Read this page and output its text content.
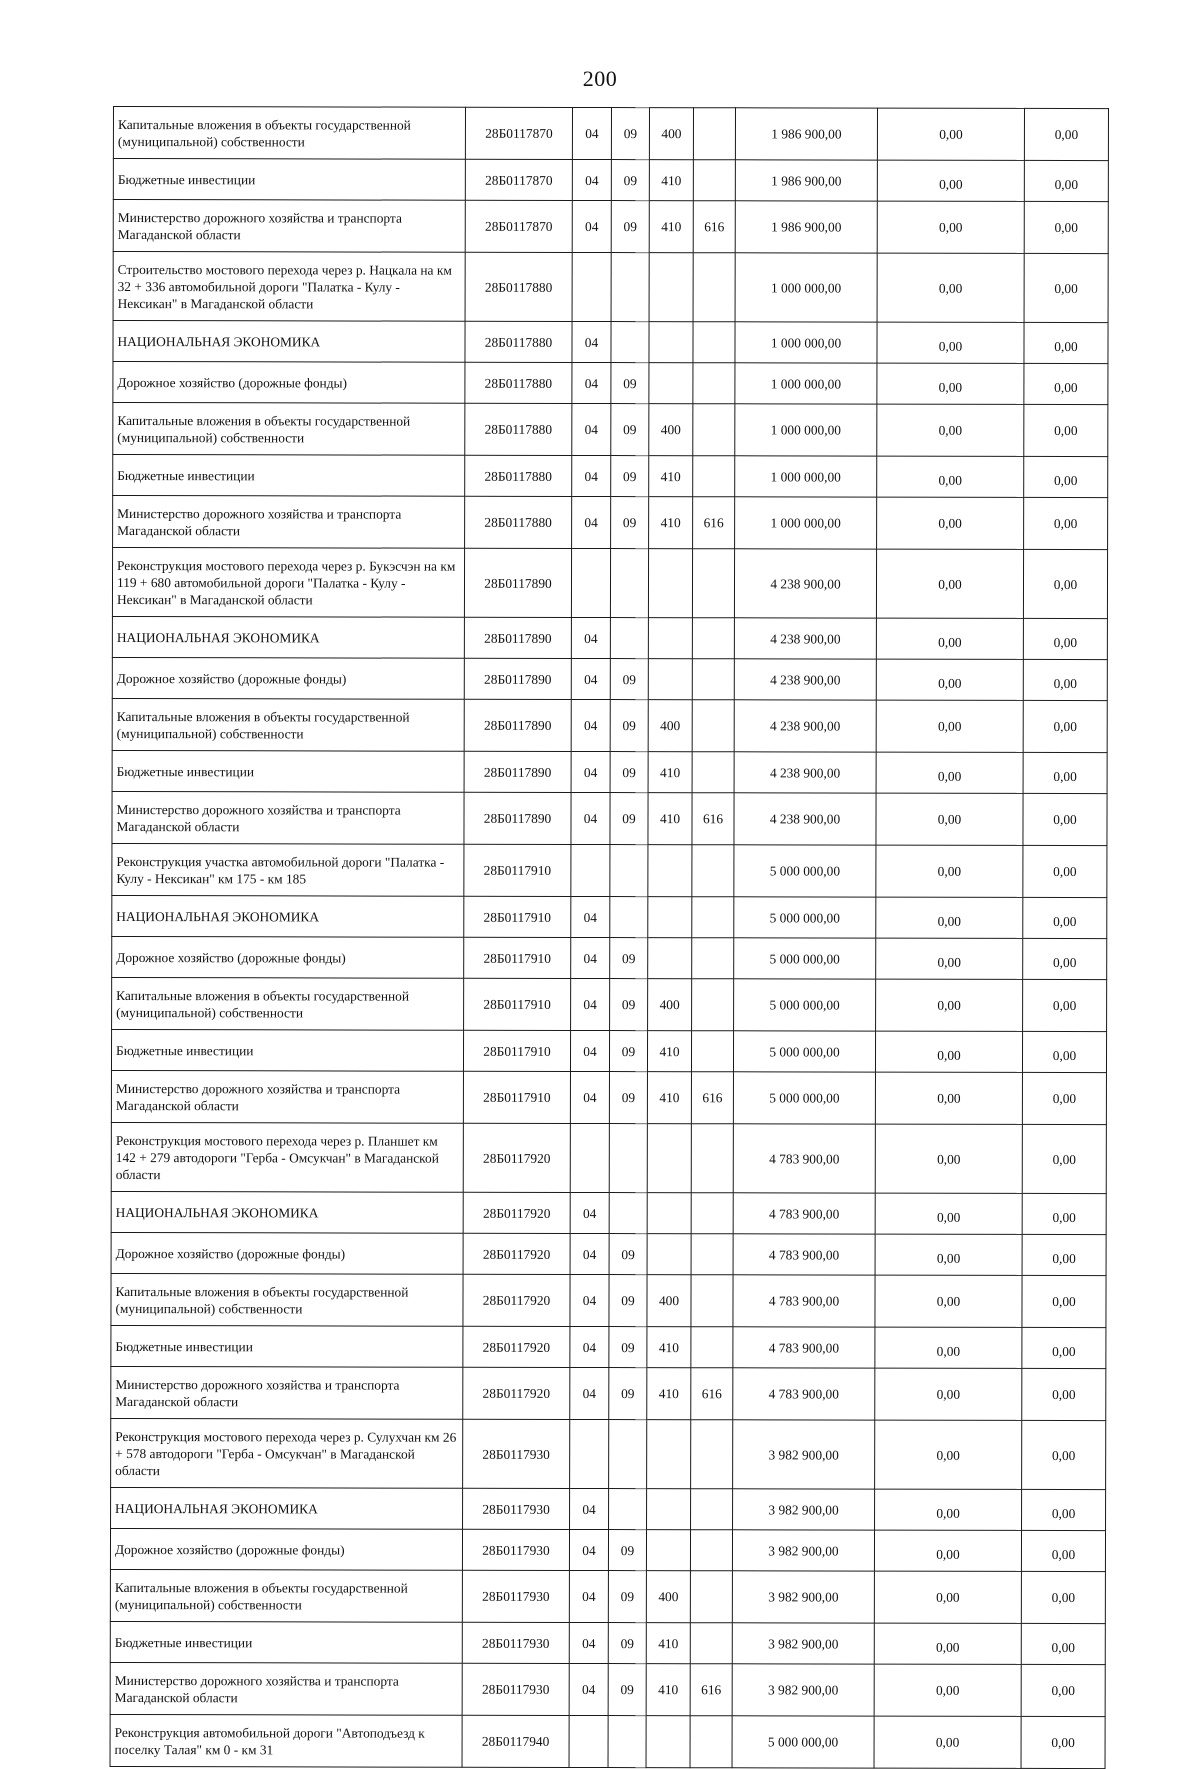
200
Капитальные вложения в объекты государственной (муниципальной) собственности	28Б0117870	04	09	400		1 986 900,00	0,00	0,00
Бюджетные инвестиции	28Б0117870	04	09	410		1 986 900,00	0,00	0,00
Министерство дорожного хозяйства и транспорта Магаданской области	28Б0117870	04	09	410	616	1 986 900,00	0,00	0,00
Строительство мостового перехода через р. Нацкала на км 32 + 336 автомобильной дороги "Палатка - Кулу - Нексикан" в Магаданской области	28Б0117880					1 000 000,00	0,00	0,00
НАЦИОНАЛЬНАЯ ЭКОНОМИКА	28Б0117880	04				1 000 000,00	0,00	0,00
Дорожное хозяйство (дорожные фонды)	28Б0117880	04	09			1 000 000,00	0,00	0,00
Капитальные вложения в объекты государственной (муниципальной) собственности	28Б0117880	04	09	400		1 000 000,00	0,00	0,00
Бюджетные инвестиции	28Б0117880	04	09	410		1 000 000,00	0,00	0,00
Министерство дорожного хозяйства и транспорта Магаданской области	28Б0117880	04	09	410	616	1 000 000,00	0,00	0,00
Реконструкция мостового перехода через р. Букэсчэн на км 119 + 680 автомобильной дороги "Палатка - Кулу - Нексикан" в Магаданской области	28Б0117890					4 238 900,00	0,00	0,00
НАЦИОНАЛЬНАЯ ЭКОНОМИКА	28Б0117890	04				4 238 900,00	0,00	0,00
Дорожное хозяйство (дорожные фонды)	28Б0117890	04	09			4 238 900,00	0,00	0,00
Капитальные вложения в объекты государственной (муниципальной) собственности	28Б0117890	04	09	400		4 238 900,00	0,00	0,00
Бюджетные инвестиции	28Б0117890	04	09	410		4 238 900,00	0,00	0,00
Министерство дорожного хозяйства и транспорта Магаданской области	28Б0117890	04	09	410	616	4 238 900,00	0,00	0,00
Реконструкция участка автомобильной дороги "Палатка - Кулу - Нексикан" км 175 - км 185	28Б0117910					5 000 000,00	0,00	0,00
НАЦИОНАЛЬНАЯ ЭКОНОМИКА	28Б0117910	04				5 000 000,00	0,00	0,00
Дорожное хозяйство (дорожные фонды)	28Б0117910	04	09			5 000 000,00	0,00	0,00
Капитальные вложения в объекты государственной (муниципальной) собственности	28Б0117910	04	09	400		5 000 000,00	0,00	0,00
Бюджетные инвестиции	28Б0117910	04	09	410		5 000 000,00	0,00	0,00
Министерство дорожного хозяйства и транспорта Магаданской области	28Б0117910	04	09	410	616	5 000 000,00	0,00	0,00
Реконструкция мостового перехода через р. Планшет км 142 + 279 автодороги "Герба - Омсукчан" в Магаданской области	28Б0117920					4 783 900,00	0,00	0,00
НАЦИОНАЛЬНАЯ ЭКОНОМИКА	28Б0117920	04				4 783 900,00	0,00	0,00
Дорожное хозяйство (дорожные фонды)	28Б0117920	04	09			4 783 900,00	0,00	0,00
Капитальные вложения в объекты государственной (муниципальной) собственности	28Б0117920	04	09	400		4 783 900,00	0,00	0,00
Бюджетные инвестиции	28Б0117920	04	09	410		4 783 900,00	0,00	0,00
Министерство дорожного хозяйства и транспорта Магаданской области	28Б0117920	04	09	410	616	4 783 900,00	0,00	0,00
Реконструкция мостового перехода через р. Сулухчан км 26 + 578 автодороги "Герба - Омсукчан" в Магаданской области	28Б0117930					3 982 900,00	0,00	0,00
НАЦИОНАЛЬНАЯ ЭКОНОМИКА	28Б0117930	04				3 982 900,00	0,00	0,00
Дорожное хозяйство (дорожные фонды)	28Б0117930	04	09			3 982 900,00	0,00	0,00
Капитальные вложения в объекты государственной (муниципальной) собственности	28Б0117930	04	09	400		3 982 900,00	0,00	0,00
Бюджетные инвестиции	28Б0117930	04	09	410		3 982 900,00	0,00	0,00
Министерство дорожного хозяйства и транспорта Магаданской области	28Б0117930	04	09	410	616	3 982 900,00	0,00	0,00
Реконструкция автомобильной дороги "Автоподъезд к поселку Талая" км 0 - км 31	28Б0117940					5 000 000,00	0,00	0,00
